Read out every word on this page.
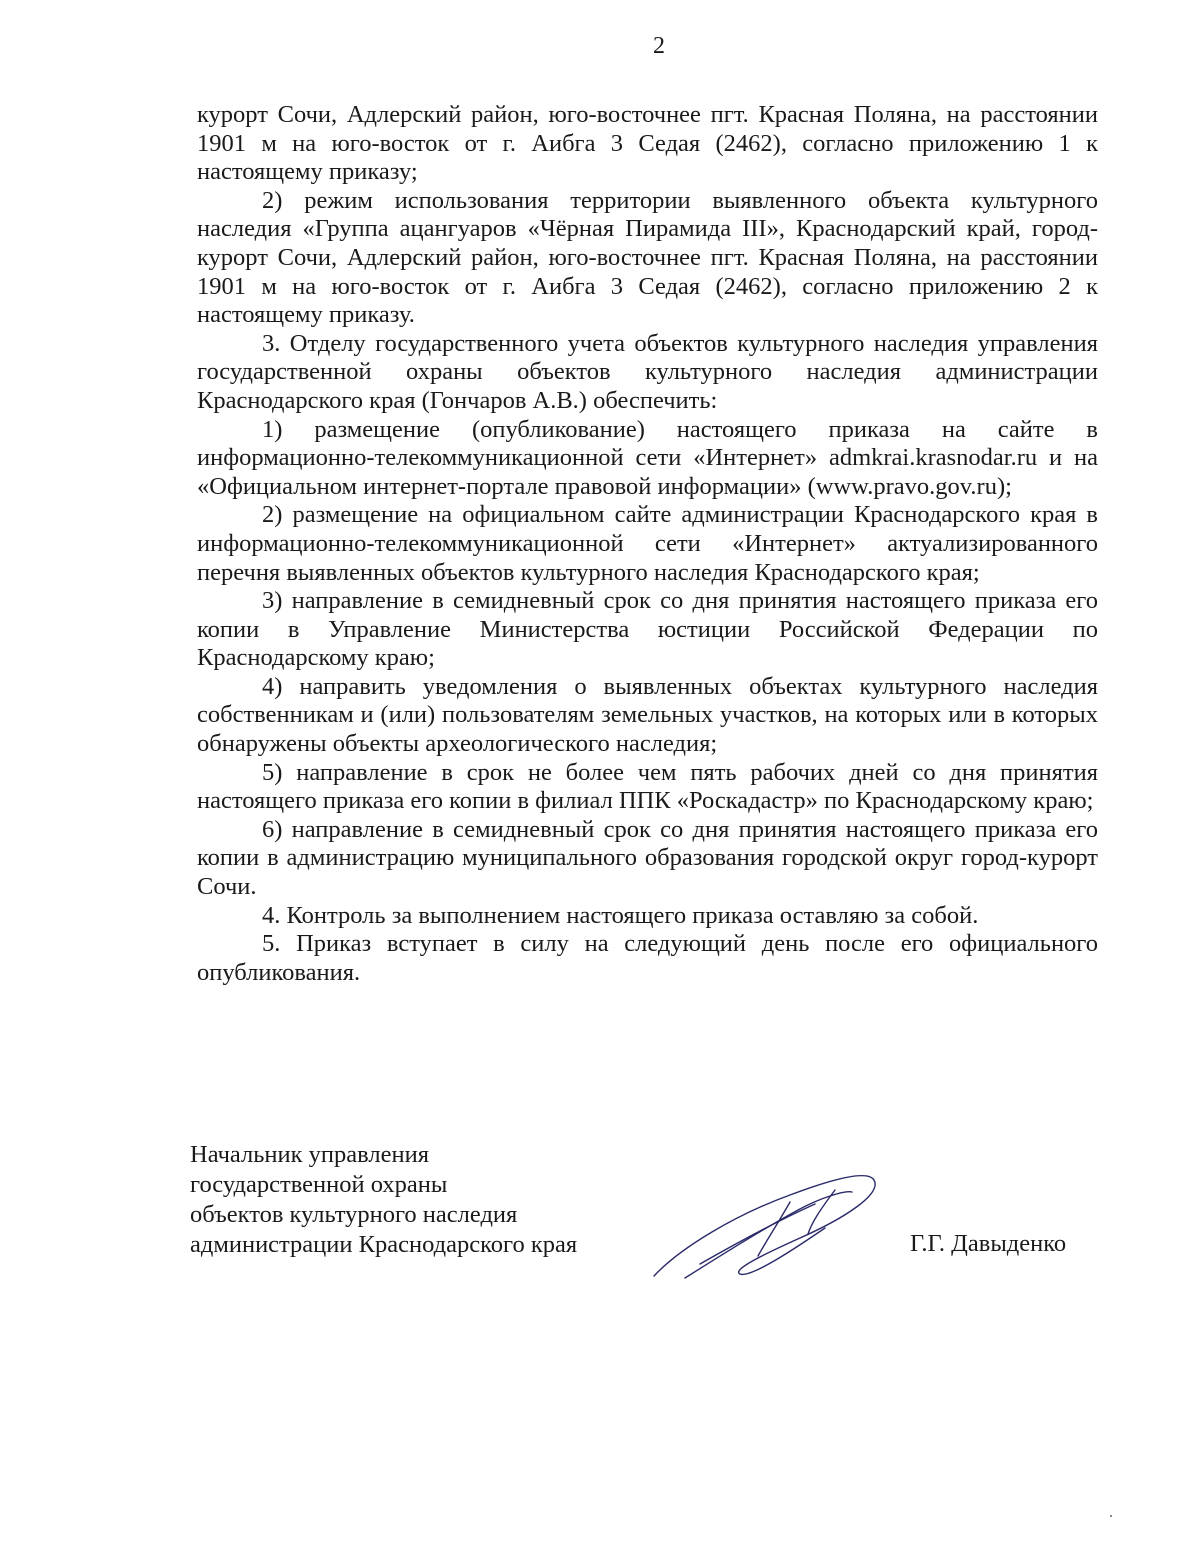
2

курорт Сочи, Адлерский район, юго-восточнее пгт. Красная Поляна, на расстоянии 1901 м на юго-восток от г. Аибга 3 Седая (2462), согласно приложению 1 к настоящему приказу;

2) режим использования территории выявленного объекта культурного наследия «Группа ацангуаров «Чёрная Пирамида III», Краснодарский край, город-курорт Сочи, Адлерский район, юго-восточнее пгт. Красная Поляна, на расстоянии 1901 м на юго-восток от г. Аибга 3 Седая (2462), согласно приложению 2 к настоящему приказу.

3. Отделу государственного учета объектов культурного наследия управления государственной охраны объектов культурного наследия администрации Краснодарского края (Гончаров А.В.) обеспечить:

1) размещение (опубликование) настоящего приказа на сайте в информационно-телекоммуникационной сети «Интернет» admkrai.krasnodar.ru и на «Официальном интернет-портале правовой информации» (www.pravo.gov.ru);

2) размещение на официальном сайте администрации Краснодарского края в информационно-телекоммуникационной сети «Интернет» актуализированного перечня выявленных объектов культурного наследия Краснодарского края;

3) направление в семидневный срок со дня принятия настоящего приказа его копии в Управление Министерства юстиции Российской Федерации по Краснодарскому краю;

4) направить уведомления о выявленных объектах культурного наследия собственникам и (или) пользователям земельных участков, на которых или в которых обнаружены объекты археологического наследия;

5) направление в срок не более чем пять рабочих дней со дня принятия настоящего приказа его копии в филиал ППК «Роскадастр» по Краснодарскому краю;

6) направление в семидневный срок со дня принятия настоящего приказа его копии в администрацию муниципального образования городской округ город-курорт Сочи.

4. Контроль за выполнением настоящего приказа оставляю за собой.

5. Приказ вступает в силу на следующий день после его официального опубликования.

Начальник управления
государственной охраны
объектов культурного наследия
администрации Краснодарского края	Г.Г. Давыденко
